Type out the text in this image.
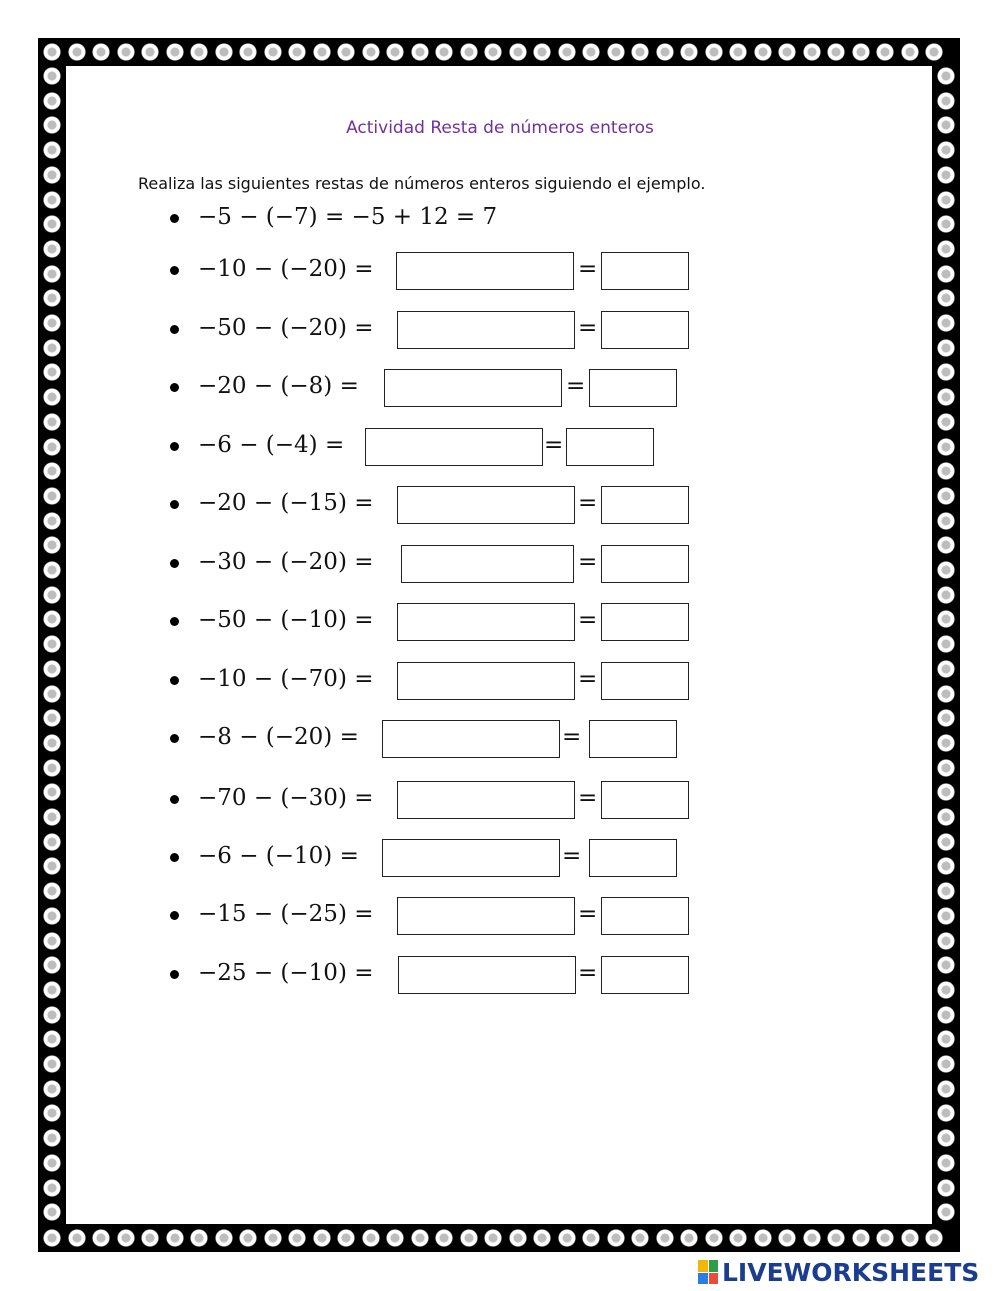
Actividad Resta de números enteros
Realiza las siguientes restas de números enteros siguiendo el ejemplo.
−5 − (−7) = −5 + 12 = 7
−10 − (−20) =	=
−50 − (−20) =	=
−20 − (−8) =	=
−6 − (−4) =	=
−20 − (−15) =	=
−30 − (−20) =	=
−50 − (−10) =	=
−10 − (−70) =	=
−8 − (−20) =	=
−70 − (−30) =	=
−6 − (−10) =	=
−15 − (−25) =	=
−25 − (−10) =	=
LIVEWORKSHEETS
